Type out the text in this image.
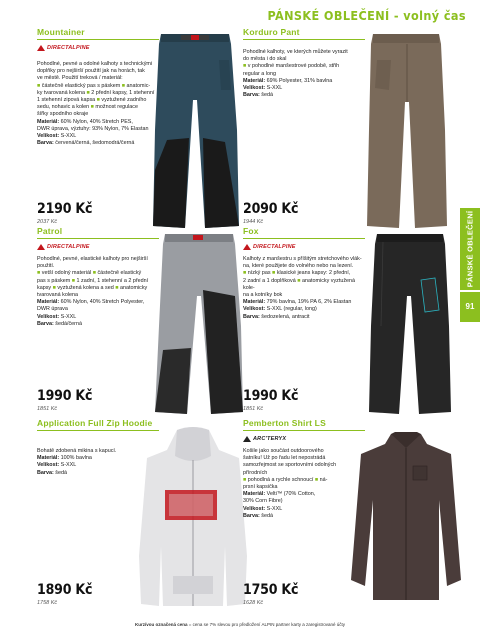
PÁNSKÉ OBLEČENÍ - volný čas
PÁNSKÉ OBLEČENÍ
91
Mountainer
DIRECTALPINE

Pohodlné, pevné a odolné kalhoty s technickými

doplňky pro nejširší použití jak na horách, tak

ve městě. Použití treková / materiál:

■ částečně elastický pas s páskem ■ anatomic-

ky tvarovaná kolena ■ 2 přední kapsy, 1 stehenní

1 stehenní zipová kapsa ■ vyztužené zadního

sedu, nohavic a kolen ■ možnost regulace

šířky spodního okraje

Materiál: 60% Nylon, 40% Stretch PES,

DWR úprava, výztuhy: 93% Nylon, 7% Elastan

Velikost: S-XXL

Barva: červená/černá, šedomodrá/černá

2190 Kč
2037 Kč
Korduro Pant

Pohodlné kalhoty, ve kterých můžete vyrazit

do města i do skal

■ v pohodlné manšestrové podobě, střih

regular a long

Materiál: 69% Polyester, 31% bavlna

Velikost: S-XXL

Barva: šedá

2090 Kč
1944 Kč
Patrol
DIRECTALPINE

Pohodlné, pevné, elastické kalhoty pro nejširší

použití.

■ vetší odolný materiál ■ částečně elastický

pas s páskem ■ 1 zadní, 1 stehenní a 2 přední

kapsy ■ vyztužená kolena a sed ■ anatomicky

tvarovaná kolena

Materiál: 60% Nylon, 40% Stretch Polyester,

DWR úprava

Velikost: S-XXL

Barva: šedá/černá

1990 Kč
1851 Kč
Fox
DIRECTALPINE

Kalhoty z manšestru s příšitým stretchového vlák-

na, které použijete do volného nebo na lezení.

■ nízký pas ■ klasické jeans kapsy: 2 přední,

2 zadní a 1 doplňková ■ anatomicky vyztužená kole-

na a kotníky bok

Materiál: 79% bavlna, 19% PA 6, 2% Elastan

Velikost: S-XXL (regular, long)

Barva: šedozelená, antracit

1990 Kč
1851 Kč
Application Full Zip Hoodie

Bohatě zdobená mikina s kapucí.

Materiál: 100% bavlna

Velikost: S-XXL

Barva: šedá

1890 Kč
1758 Kč
Pemberton Shirt LS
ARC'TERYX

Košile jako součást outdoorového

šatníku! Už po řadu let nepostrádá

samozřejmost se sportovními odolných

přírodních

■ pohodlná a rychle schnoucí ■ ná-

prsní kapsička

Materiál: Velti™ (70% Cotton,

30% Corn Fibre)

Velikost: S-XXL

Barva: šedá

1750 Kč
1628 Kč
Kurzívou označená cena = cena se 7% slevou pro předložení ALPIN partner karty a zaregistrované účty
